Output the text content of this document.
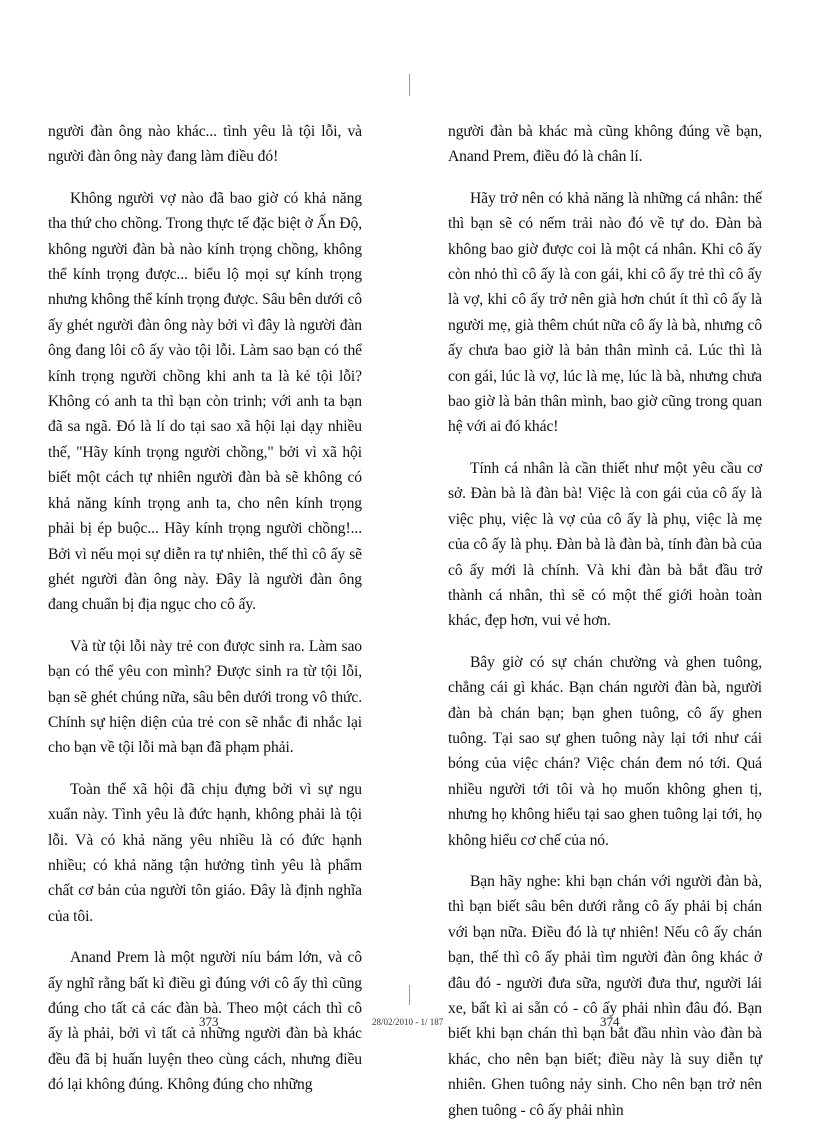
người đàn ông nào khác... tình yêu là tội lỗi, và người đàn ông này đang làm điều đó!

Không người vợ nào đã bao giờ có khả năng tha thứ cho chồng. Trong thực tế đặc biệt ở Ấn Độ, không người đàn bà nào kính trọng chồng, không thể kính trọng được... biểu lộ mọi sự kính trọng nhưng không thể kính trọng được. Sâu bên dưới cô ấy ghét người đàn ông này bởi vì đây là người đàn ông đang lôi cô ấy vào tội lỗi. Làm sao bạn có thể kính trọng người chồng khi anh ta là kẻ tội lỗi? Không có anh ta thì bạn còn trinh; với anh ta bạn đã sa ngã. Đó là lí do tại sao xã hội lại dạy nhiều thế, "Hãy kính trọng người chồng," bởi vì xã hội biết một cách tự nhiên người đàn bà sẽ không có khả năng kính trọng anh ta, cho nên kính trọng phải bị ép buộc... Hãy kính trọng người chồng!... Bởi vì nếu mọi sự diễn ra tự nhiên, thế thì cô ấy sẽ ghét người đàn ông này. Đây là người đàn ông đang chuẩn bị địa ngục cho cô ấy.

Và từ tội lỗi này trẻ con được sinh ra. Làm sao bạn có thể yêu con mình? Được sinh ra từ tội lỗi, bạn sẽ ghét chúng nữa, sâu bên dưới trong vô thức. Chính sự hiện diện của trẻ con sẽ nhắc đi nhắc lại cho bạn về tội lỗi mà bạn đã phạm phải.

Toàn thể xã hội đã chịu đựng bởi vì sự ngu xuẩn này. Tình yêu là đức hạnh, không phải là tội lỗi. Và có khả năng yêu nhiều là có đức hạnh nhiều; có khả năng tận hưởng tình yêu là phẩm chất cơ bản của người tôn giáo. Đây là định nghĩa của tôi.

Anand Prem là một người níu bám lớn, và cô ấy nghĩ rằng bất kì điều gì đúng với cô ấy thì cũng đúng cho tất cả các đàn bà. Theo một cách thì cô ấy là phải, bởi vì tất cả những người đàn bà khác đều đã bị huấn luyện theo cùng cách, nhưng điều đó lại không đúng. Không đúng cho những

người đàn bà khác mà cũng không đúng về bạn, Anand Prem, điều đó là chân lí.

Hãy trở nên có khả năng là những cá nhân: thế thì bạn sẽ có nếm trải nào đó về tự do. Đàn bà không bao giờ được coi là một cá nhân. Khi cô ấy còn nhỏ thì cô ấy là con gái, khi cô ấy trẻ thì cô ấy là vợ, khi cô ấy trở nên già hơn chút ít thì cô ấy là người mẹ, già thêm chút nữa cô ấy là bà, nhưng cô ấy chưa bao giờ là bản thân mình cả. Lúc thì là con gái, lúc là vợ, lúc là mẹ, lúc là bà, nhưng chưa bao giờ là bản thân mình, bao giờ cũng trong quan hệ với ai đó khác!

Tính cá nhân là cần thiết như một yêu cầu cơ sở. Đàn bà là đàn bà! Việc là con gái của cô ấy là việc phụ, việc là vợ của cô ấy là phụ, việc là mẹ của cô ấy là phụ. Đàn bà là đàn bà, tính đàn bà của cô ấy mới là chính. Và khi đàn bà bắt đầu trở thành cá nhân, thì sẽ có một thế giới hoàn toàn khác, đẹp hơn, vui vẻ hơn.

Bây giờ có sự chán chường và ghen tuông, chẳng cái gì khác. Bạn chán người đàn bà, người đàn bà chán bạn; bạn ghen tuông, cô ấy ghen tuông. Tại sao sự ghen tuông này lại tới như cái bóng của việc chán? Việc chán đem nó tới. Quá nhiều người tới tôi và họ muốn không ghen tị, nhưng họ không hiểu tại sao ghen tuông lại tới, họ không hiểu cơ chế của nó.

Bạn hãy nghe: khi bạn chán với người đàn bà, thì bạn biết sâu bên dưới rằng cô ấy phải bị chán với bạn nữa. Điều đó là tự nhiên! Nếu cô ấy chán bạn, thế thì cô ấy phải tìm người đàn ông khác ở đâu đó - người đưa sữa, người đưa thư, người lái xe, bất kì ai sẵn có - cô ấy phải nhìn đâu đó. Bạn biết khi bạn chán thì bạn bắt đầu nhìn vào đàn bà khác, cho nên bạn biết; điều này là suy diễn tự nhiên. Ghen tuông nảy sinh. Cho nên bạn trở nên ghen tuông - cô ấy phải nhìn

373	28/02/2010 - 1/ 187	374
